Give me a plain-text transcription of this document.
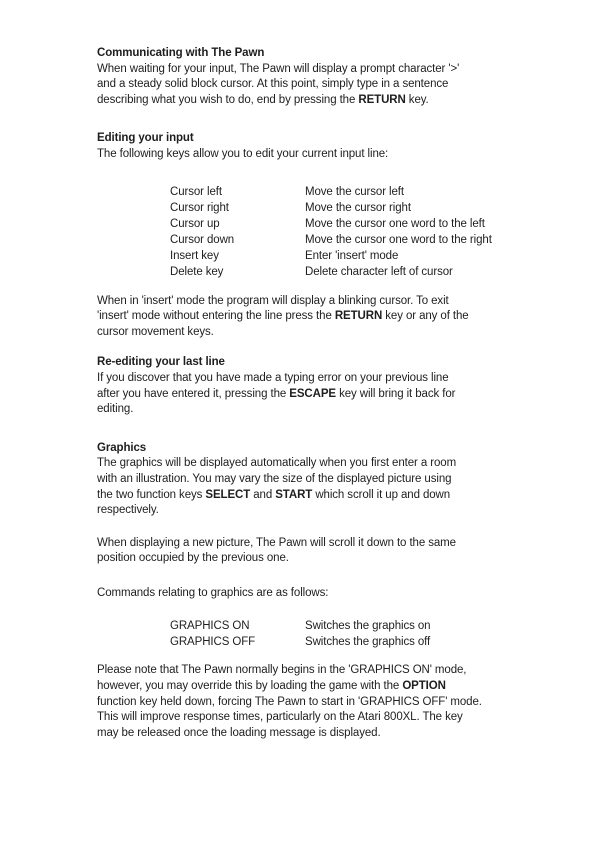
Communicating with The Pawn
When waiting for your input, The Pawn will display a prompt character '>'
and a steady solid block cursor. At this point, simply type in a sentence
describing what you wish to do, end by pressing the RETURN key.
Editing your input
The following keys allow you to edit your current input line:
Cursor left	Move the cursor left
Cursor right	Move the cursor right
Cursor up	Move the cursor one word to the left
Cursor down	Move the cursor one word to the right
Insert key	Enter 'insert' mode
Delete key	Delete character left of cursor
When in 'insert' mode the program will display a blinking cursor. To exit
'insert' mode without entering the line press the RETURN key or any of the
cursor movement keys.
Re-editing your last line
If you discover that you have made a typing error on your previous line
after you have entered it, pressing the ESCAPE key will bring it back for
editing.
Graphics
The graphics will be displayed automatically when you first enter a room
with an illustration. You may vary the size of the displayed picture using
the two function keys SELECT and START which scroll it up and down
respectively.
When displaying a new picture, The Pawn will scroll it down to the same
position occupied by the previous one.
Commands relating to graphics are as follows:
GRAPHICS ON	Switches the graphics on
GRAPHICS OFF	Switches the graphics off
Please note that The Pawn normally begins in the 'GRAPHICS ON' mode,
however, you may override this by loading the game with the OPTION
function key held down, forcing The Pawn to start in 'GRAPHICS OFF' mode.
This will improve response times, particularly on the Atari 800XL. The key
may be released once the loading message is displayed.
